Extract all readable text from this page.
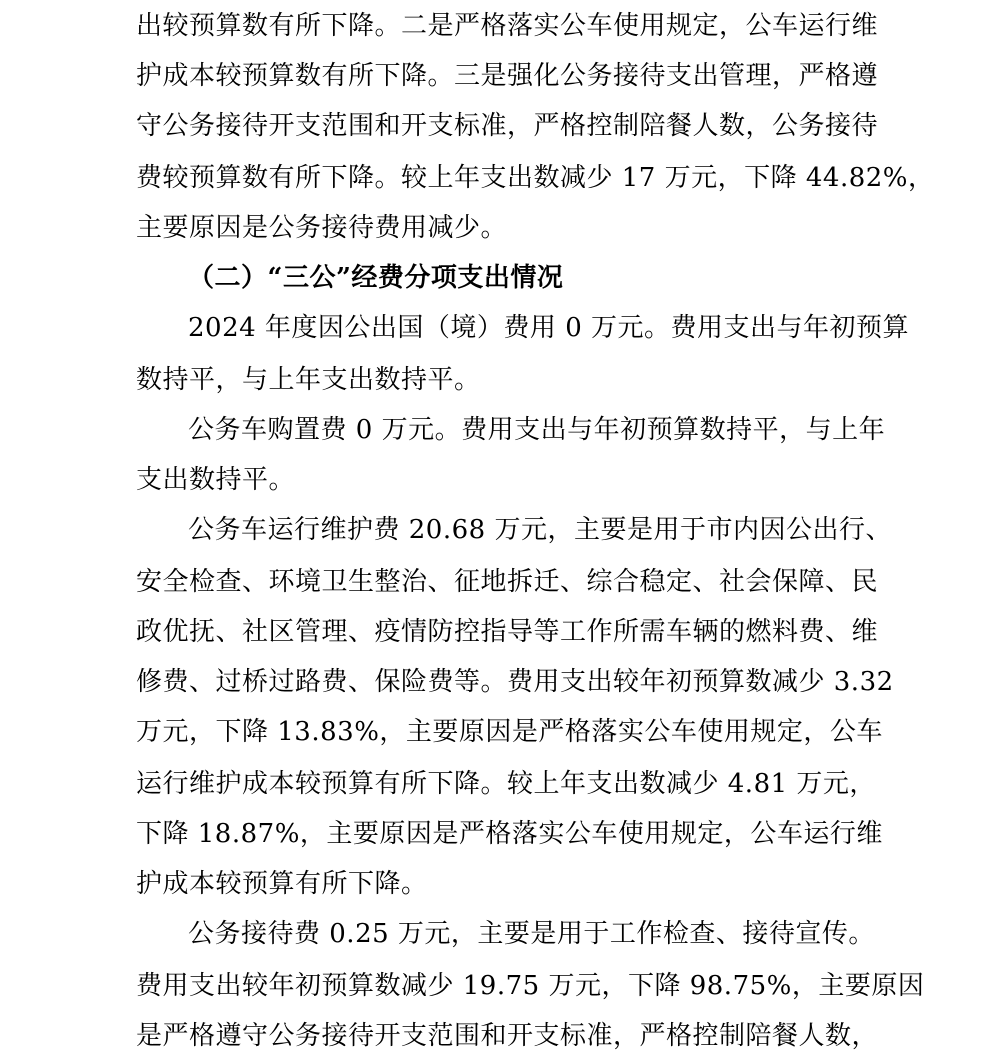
出较预算数有所下降。二是严格落实公车使用规定，公车运行维
护成本较预算数有所下降。三是强化公务接待支出管理，严格遵
守公务接待开支范围和开支标准，严格控制陪餐人数，公务接待
费较预算数有所下降。较上年支出数减少 17 万元，下降 44.82%，
主要原因是公务接待费用减少。
（二）“三公”经费分项支出情况
2024 年度因公出国（境）费用 0 万元。费用支出与年初预算
数持平，与上年支出数持平。
公务车购置费 0 万元。费用支出与年初预算数持平，与上年
支出数持平。
公务车运行维护费 20.68 万元，主要是用于市内因公出行、
安全检查、环境卫生整治、征地拆迁、综合稳定、社会保障、民
政优抚、社区管理、疫情防控指导等工作所需车辆的燃料费、维
修费、过桥过路费、保险费等。费用支出较年初预算数减少 3.32
万元，下降 13.83%，主要原因是严格落实公车使用规定，公车
运行维护成本较预算有所下降。较上年支出数减少 4.81 万元，
下降 18.87%，主要原因是严格落实公车使用规定，公车运行维
护成本较预算有所下降。
公务接待费 0.25 万元，主要是用于工作检查、接待宣传。
费用支出较年初预算数减少 19.75 万元，下降 98.75%，主要原因
是严格遵守公务接待开支范围和开支标准，严格控制陪餐人数，
